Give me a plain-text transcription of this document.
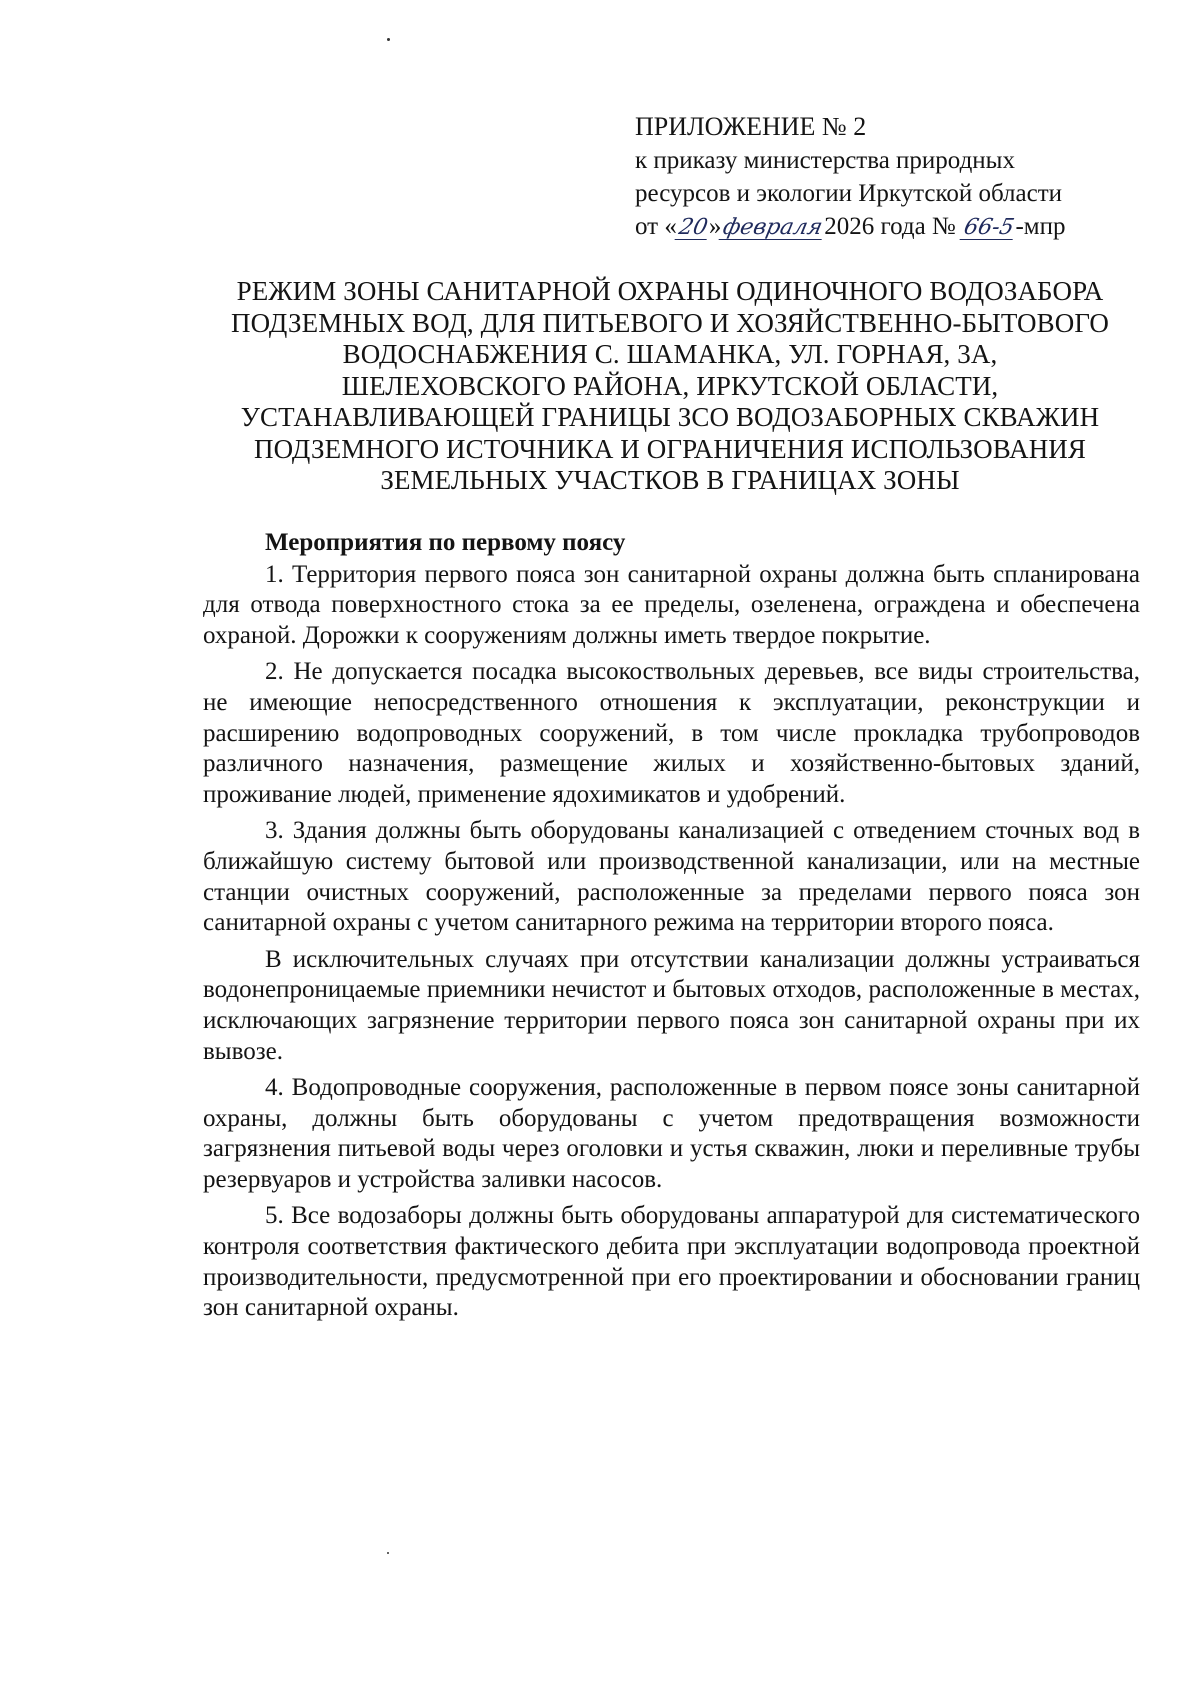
ПРИЛОЖЕНИЕ № 2
к приказу министерства природных
ресурсов и экологии Иркутской области
от «20»февраля2026 года № 66-5-мпр
РЕЖИМ ЗОНЫ САНИТАРНОЙ ОХРАНЫ ОДИНОЧНОГО ВОДОЗАБОРА
ПОДЗЕМНЫХ ВОД, ДЛЯ ПИТЬЕВОГО И ХОЗЯЙСТВЕННО-БЫТОВОГО
ВОДОСНАБЖЕНИЯ С. ШАМАНКА, УЛ. ГОРНАЯ, 3А,
ШЕЛЕХОВСКОГО РАЙОНА, ИРКУТСКОЙ ОБЛАСТИ,
УСТАНАВЛИВАЮЩЕЙ ГРАНИЦЫ ЗСО ВОДОЗАБОРНЫХ СКВАЖИН
ПОДЗЕМНОГО ИСТОЧНИКА И ОГРАНИЧЕНИЯ ИСПОЛЬЗОВАНИЯ
ЗЕМЕЛЬНЫХ УЧАСТКОВ В ГРАНИЦАХ ЗОНЫ
Мероприятия по первому поясу

1. Территория первого пояса зон санитарной охраны должна быть спланирована для отвода поверхностного стока за ее пределы, озеленена, ограждена и обеспечена охраной. Дорожки к сооружениям должны иметь твердое покрытие.

2. Не допускается посадка высокоствольных деревьев, все виды строительства, не имеющие непосредственного отношения к эксплуатации, реконструкции и расширению водопроводных сооружений, в том числе прокладка трубопроводов различного назначения, размещение жилых и хозяйственно-бытовых зданий, проживание людей, применение ядохимикатов и удобрений.

3. Здания должны быть оборудованы канализацией с отведением сточных вод в ближайшую систему бытовой или производственной канализации, или на местные станции очистных сооружений, расположенные за пределами первого пояса зон санитарной охраны с учетом санитарного режима на территории второго пояса.

В исключительных случаях при отсутствии канализации должны устраиваться водонепроницаемые приемники нечистот и бытовых отходов, расположенные в местах, исключающих загрязнение территории первого пояса зон санитарной охраны при их вывозе.

4. Водопроводные сооружения, расположенные в первом поясе зоны санитарной охраны, должны быть оборудованы с учетом предотвращения возможности загрязнения питьевой воды через оголовки и устья скважин, люки и переливные трубы резервуаров и устройства заливки насосов.

5. Все водозаборы должны быть оборудованы аппаратурой для систематического контроля соответствия фактического дебита при эксплуатации водопровода проектной производительности, предусмотренной при его проектировании и обосновании границ зон санитарной охраны.
